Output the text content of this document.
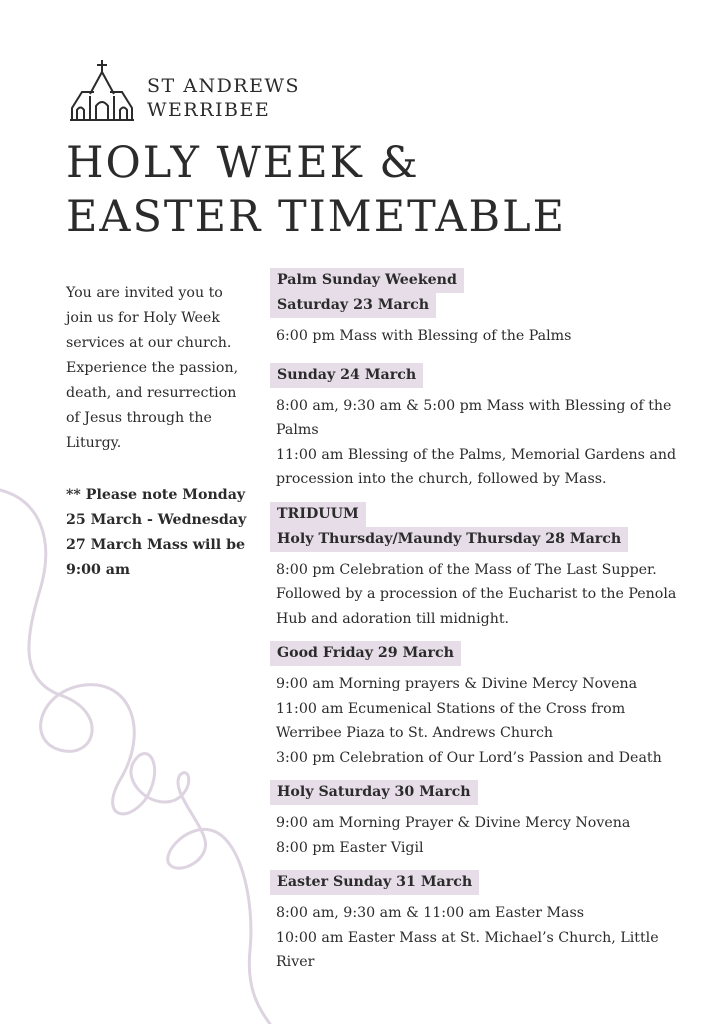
ST ANDREWS
WERRIBEE
HOLY WEEK &
EASTER TIMETABLE

You are invited you to join us for Holy Week services at our church. Experience the passion, death, and resurrection of Jesus through the Liturgy.

** Please note Monday 25 March - Wednesday 27 March Mass will be 9:00 am

Palm Sunday Weekend
Saturday 23 March

6:00 pm Mass with Blessing of the Palms

Sunday 24 March

8:00 am, 9:30 am & 5:00 pm Mass with Blessing of the Palms

11:00 am Blessing of the Palms, Memorial Gardens and procession into the church, followed by Mass.

TRIDUUM
Holy Thursday/Maundy Thursday 28 March

8:00 pm Celebration of the Mass of The Last Supper. Followed by a procession of the Eucharist to the Penola Hub and adoration till midnight.

Good Friday 29 March

9:00 am Morning prayers & Divine Mercy Novena

11:00 am Ecumenical Stations of the Cross from Werribee Piaza to St. Andrews Church

3:00 pm Celebration of Our Lord’s Passion and Death

Holy Saturday 30 March

9:00 am Morning Prayer & Divine Mercy Novena

8:00 pm Easter Vigil

Easter Sunday 31 March

8:00 am, 9:30 am & 11:00 am Easter Mass

10:00 am Easter Mass at St. Michael’s Church, Little River
